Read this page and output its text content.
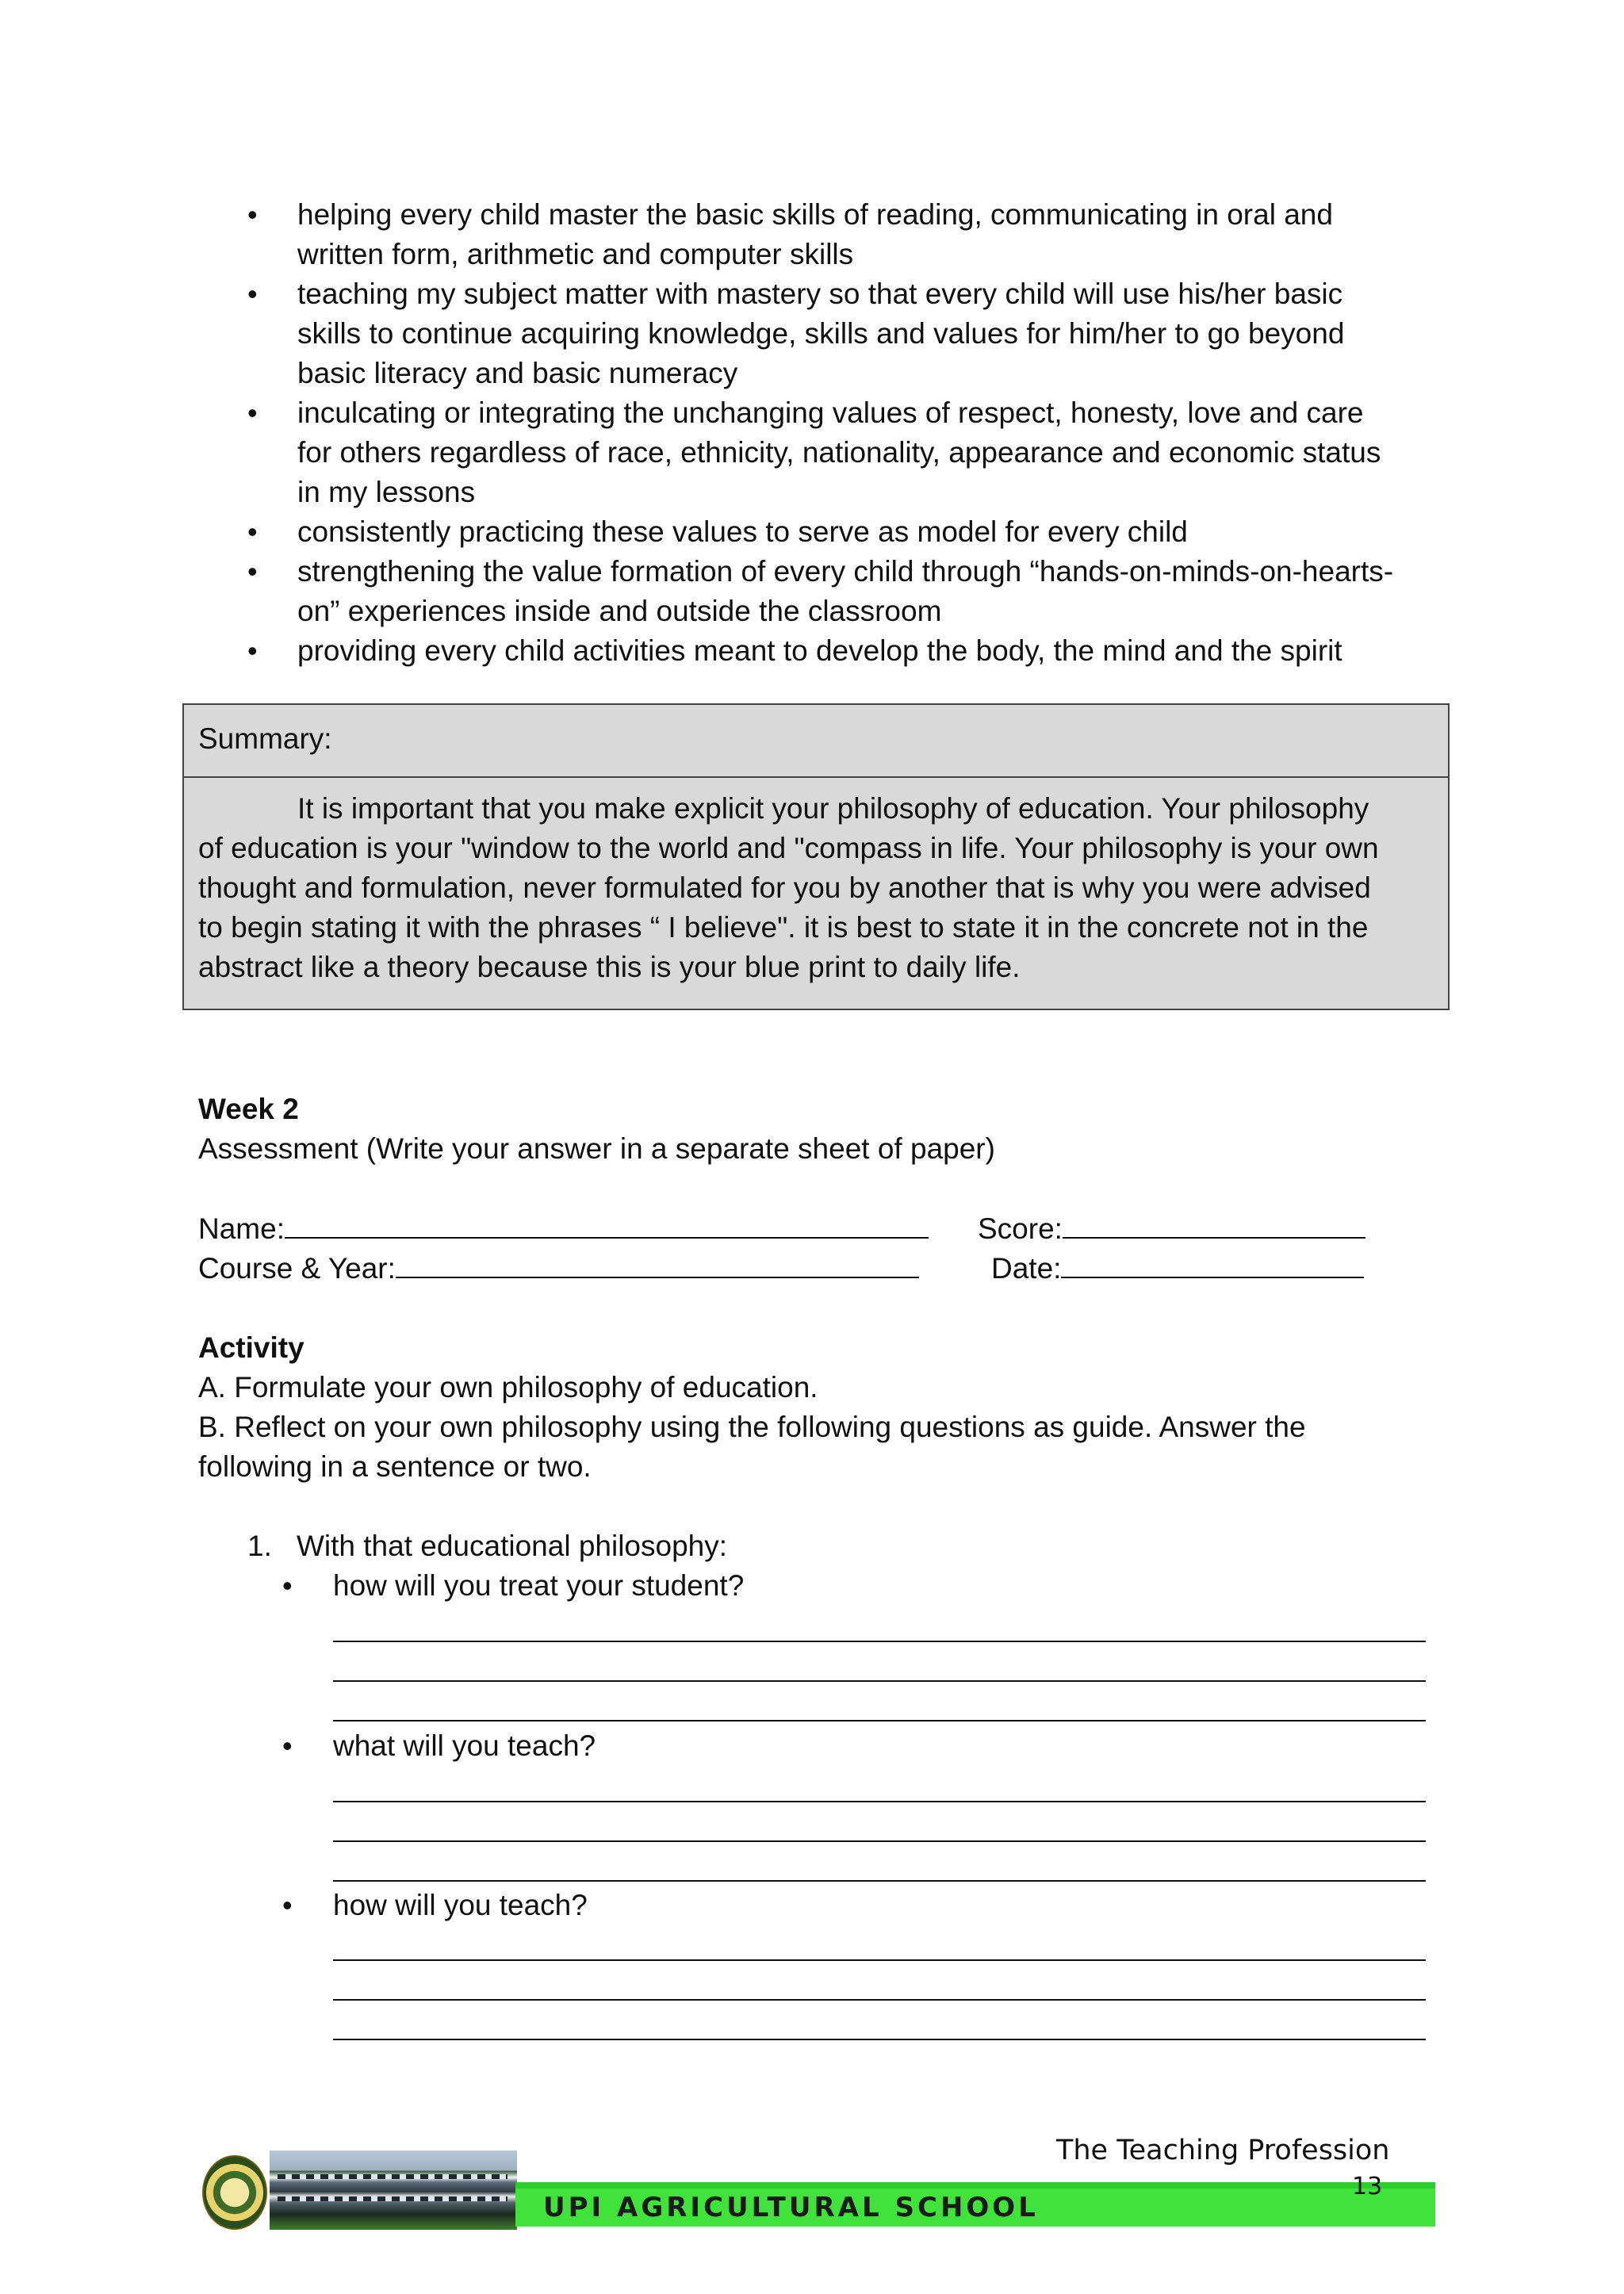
• helping every child master the basic skills of reading, communicating in oral and
written form, arithmetic and computer skills
• teaching my subject matter with mastery so that every child will use his/her basic
skills to continue acquiring knowledge, skills and values for him/her to go beyond
basic literacy and basic numeracy
• inculcating or integrating the unchanging values of respect, honesty, love and care
for others regardless of race, ethnicity, nationality, appearance and economic status
in my lessons
• consistently practicing these values to serve as model for every child
• strengthening the value formation of every child through “hands-on-minds-on-hearts-
on” experiences inside and outside the classroom
• providing every child activities meant to develop the body, the mind and the spirit
Summary:
It is important that you make explicit your philosophy of education. Your philosophy
of education is your "window to the world and "compass in life. Your philosophy is your own
thought and formulation, never formulated for you by another that is why you were advised
to begin stating it with the phrases “ I believe". it is best to state it in the concrete not in the
abstract like a theory because this is your blue print to daily life.
Week 2
Assessment (Write your answer in a separate sheet of paper)
Name:	Score:
Course & Year:	Date:
Activity
A. Formulate your own philosophy of education.
B. Reflect on your own philosophy using the following questions as guide. Answer the
following in a sentence or two.
1. With that educational philosophy:
• how will you treat your student?
• what will you teach?
• how will you teach?
The Teaching Profession
UPI AGRICULTURAL SCHOOL
13
